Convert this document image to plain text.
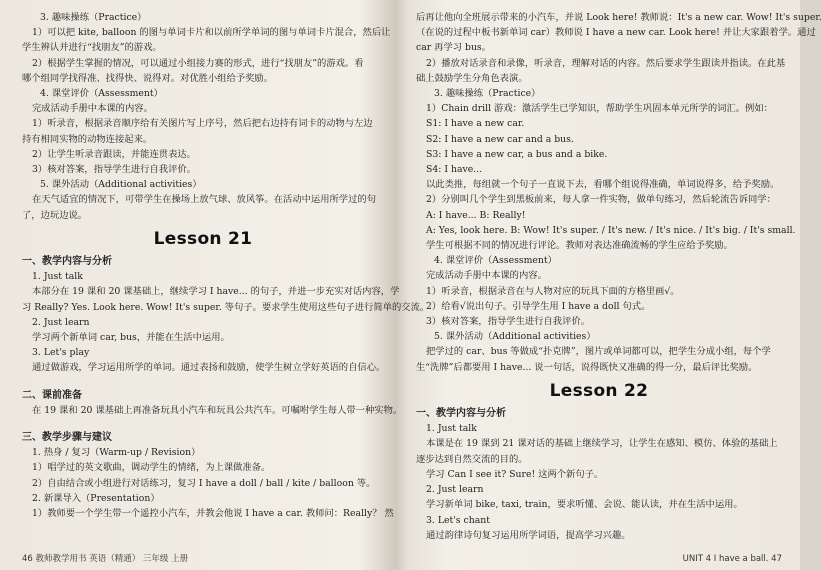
3. 趣味操练（Practice）
1）可以把 kite, balloon 的图与单词卡片和以前所学单词的图与单词卡片混合，然后让
学生辨认并进行“找朋友”的游戏。
2）根据学生掌握的情况，可以通过小组接力赛的形式，进行“找朋友”的游戏。看
哪个组同学找得准、找得快、说得对。对优胜小组给予奖励。
4. 课堂评价（Assessment）
完成活动手册中本课的内容。
1）听录音，根据录音顺序给有关图片写上序号，然后把右边持有词卡的动物与左边
持有相同实物的动物连接起来。
2）让学生听录音跟读，并能连贯表达。
3）核对答案，指导学生进行自我评价。
5. 课外活动（Additional activities）
在天气适宜的情况下，可带学生在操场上放气球、放风筝。在活动中运用所学过的句
了，边玩边说。
Lesson 21
一、教学内容与分析
1. Just talk
本部分在 19 课和 20 课基础上，继续学习 I have... 的句子，并进一步充实对话内容，学
习 Really? Yes. Look here. Wow! It's super. 等句子。要求学生使用这些句子进行简单的交流。
2. Just learn
学习两个新单词 car, bus，并能在生活中运用。
3. Let's play
通过做游戏，学习运用所学的单词。通过表扬和鼓励，使学生树立学好英语的自信心。
二、课前准备
在 19 课和 20 课基础上再准备玩具小汽车和玩具公共汽车。可嘱咐学生每人带一种实物。
三、教学步骤与建议
1. 热身 / 复习（Warm-up / Revision）
1）唱学过的英文歌曲，调动学生的情绪，为上课做准备。
2）自由结合或小组进行对话练习，复习 I have a doll / ball / kite / balloon 等。
2. 新课导入（Presentation）
1）教师要一个学生带一个遥控小汽车，并教会他说 I have a car. 教师问：Really？ 然
46 教师教学用书 英语（精通） 三年级 上册
后再让他向全班展示带来的小汽车，并说 Look here! 教师说：It's a new car. Wow! It's super.
（在说的过程中板书新单词 car）教师说 I have a new car. Look here! 并让大家跟着学。通过
car 再学习 bus。
2）播放对话录音和录像，听录音，理解对话的内容。然后要求学生跟读并指读。在此基
础上鼓励学生分角色表演。
3. 趣味操练（Practice）
1）Chain drill 游戏：激活学生已学知识，帮助学生巩固本单元所学的词汇。例如：
S1: I have a new car.
S2: I have a new car and a bus.
S3: I have a new car, a bus and a bike.
S4: I have...
以此类推，每组就一个句子一直说下去，看哪个组说得准确，单词说得多，给予奖励。
2）分别叫几个学生到黑板前来，每人拿一件实物，做单句练习，然后轮流告诉同学：
A: I have... B: Really!
A: Yes, look here. B: Wow! It's super. / It's new. / It's nice. / It's big. / It's small.
学生可根据不同的情况进行评论。教师对表达准确流畅的学生应给予奖励。
4. 课堂评价（Assessment）
完成活动手册中本课的内容。
1）听录音，根据录音在与人物对应的玩具下面的方格里画√。
2）给看√说出句子。引导学生用 I have a doll 句式。
3）核对答案，指导学生进行自我评价。
5. 课外活动（Additional activities）
把学过的 car、bus 等做成“扑克牌”，图片或单词都可以，把学生分成小组，每个学
生“洗牌”后都要用 I have... 说一句话，说得既快又准确的得一分，最后评比奖励。
Lesson 22
一、教学内容与分析
1. Just talk
本课是在 19 课到 21 课对话的基础上继续学习，让学生在感知、模仿、体验的基础上
逐步达到自然交流的目的。
学习 Can I see it? Sure! 这两个新句子。
2. Just learn
学习新单词 bike, taxi, train，要求听懂、会说、能认读，并在生活中运用。
3. Let's chant
通过韵律诗句复习运用所学词语，提高学习兴趣。
UNIT 4 I have a ball. 47
